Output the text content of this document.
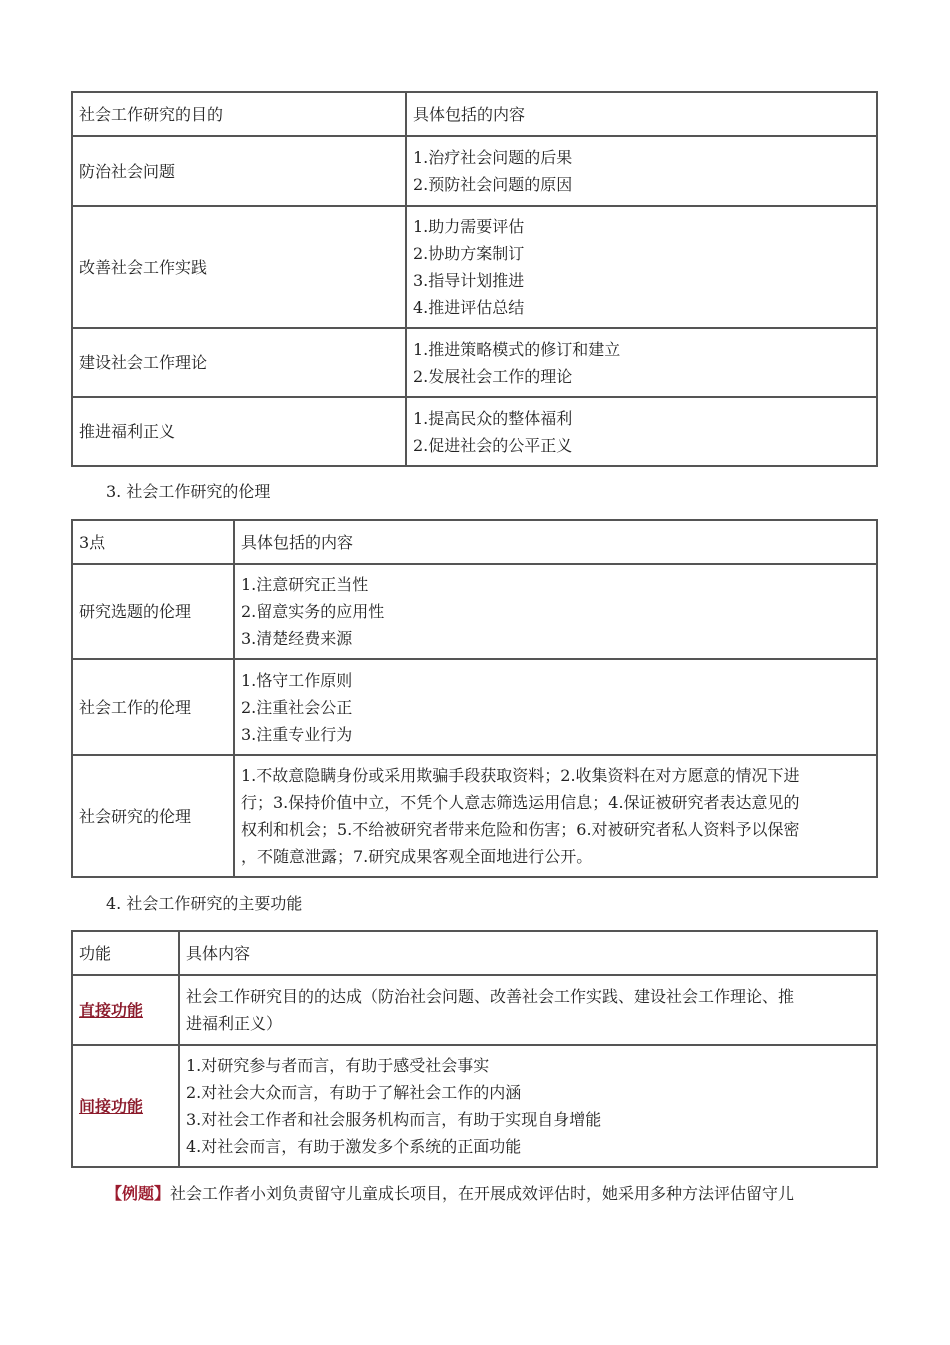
社会工作研究的目的	具体包括的内容
防治社会问题	1.治疗社会问题的后果
2.预防社会问题的原因

改善社会工作实践	1.助力需要评估
2.协助方案制订
3.指导计划推进
4.推进评估总结

建设社会工作理论	1.推进策略模式的修订和建立
2.发展社会工作的理论

推进福利正义	1.提高民众的整体福利
2.促进社会的公平正义
3. 社会工作研究的伦理
3点	具体包括的内容
研究选题的伦理	1.注意研究正当性
2.留意实务的应用性
3.清楚经费来源

社会工作的伦理	1.恪守工作原则
2.注重社会公正
3.注重专业行为

社会研究的伦理	1.不故意隐瞒身份或采用欺骗手段获取资料；2.收集资料在对方愿意的情况下进
行；3.保持价值中立，不凭个人意志筛选运用信息；4.保证被研究者表达意见的
权利和机会；5.不给被研究者带来危险和伤害；6.对被研究者私人资料予以保密
，不随意泄露；7.研究成果客观全面地进行公开。
4. 社会工作研究的主要功能
功能	具体内容
直接功能	社会工作研究目的的达成（防治社会问题、改善社会工作实践、建设社会工作理论、推
进福利正义）

间接功能	1.对研究参与者而言，有助于感受社会事实
2.对社会大众而言，有助于了解社会工作的内涵
3.对社会工作者和社会服务机构而言，有助于实现自身增能
4.对社会而言，有助于激发多个系统的正面功能
【例题】社会工作者小刘负责留守儿童成长项目，在开展成效评估时，她采用多种方法评估留守儿
